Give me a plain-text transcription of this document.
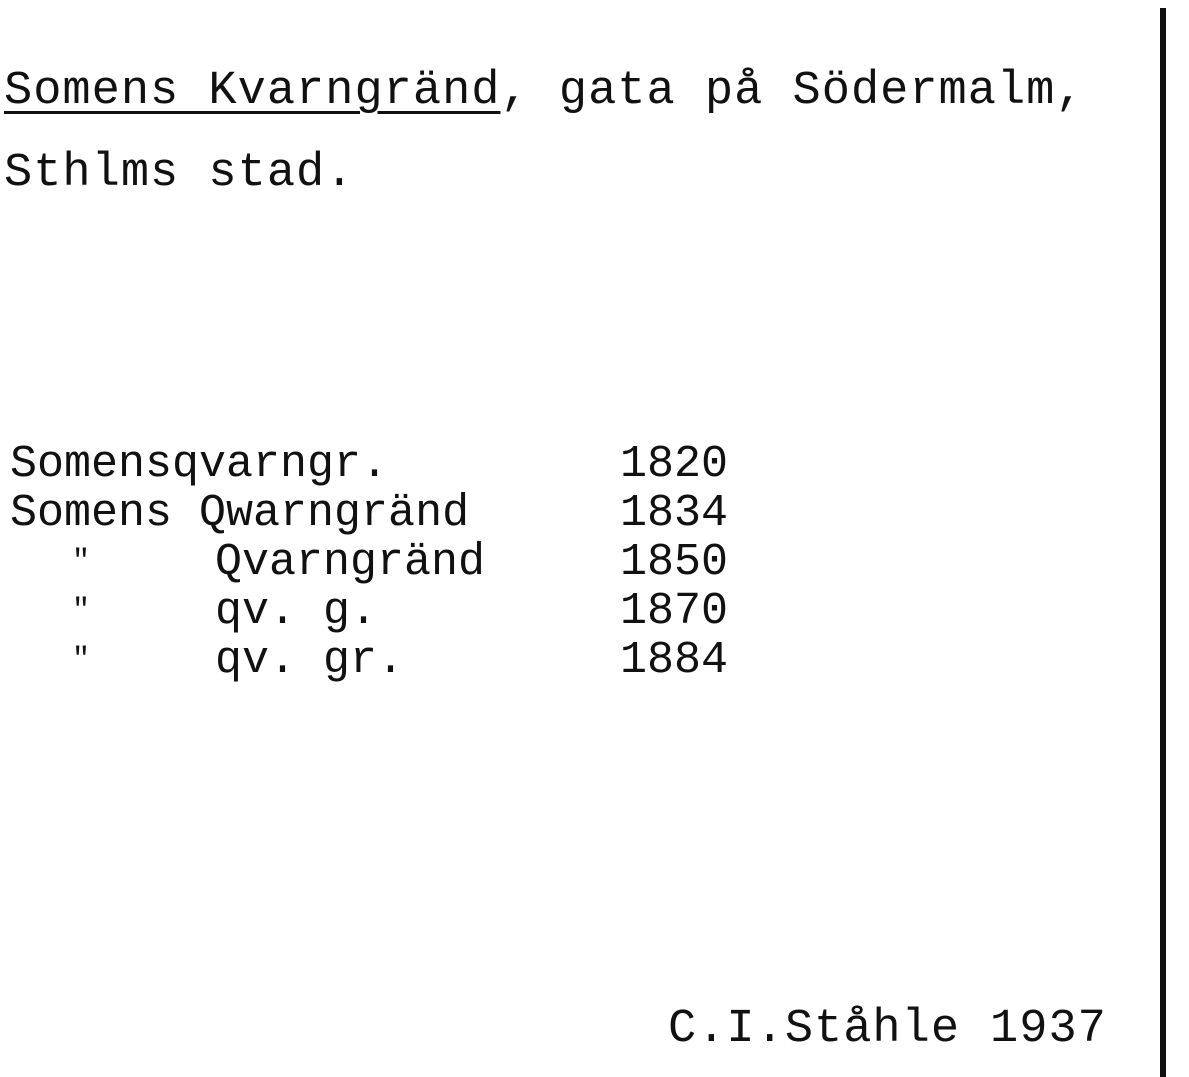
Somens Kvarngränd, gata på Södermalm,
Sthlms stad.
Somensqvarngr.	1820
Somens Qwarngränd	1834
"	Qvarngränd	1850
"	qv. g.	1870
"	qv. gr.	1884
C.I.Ståhle 1937
